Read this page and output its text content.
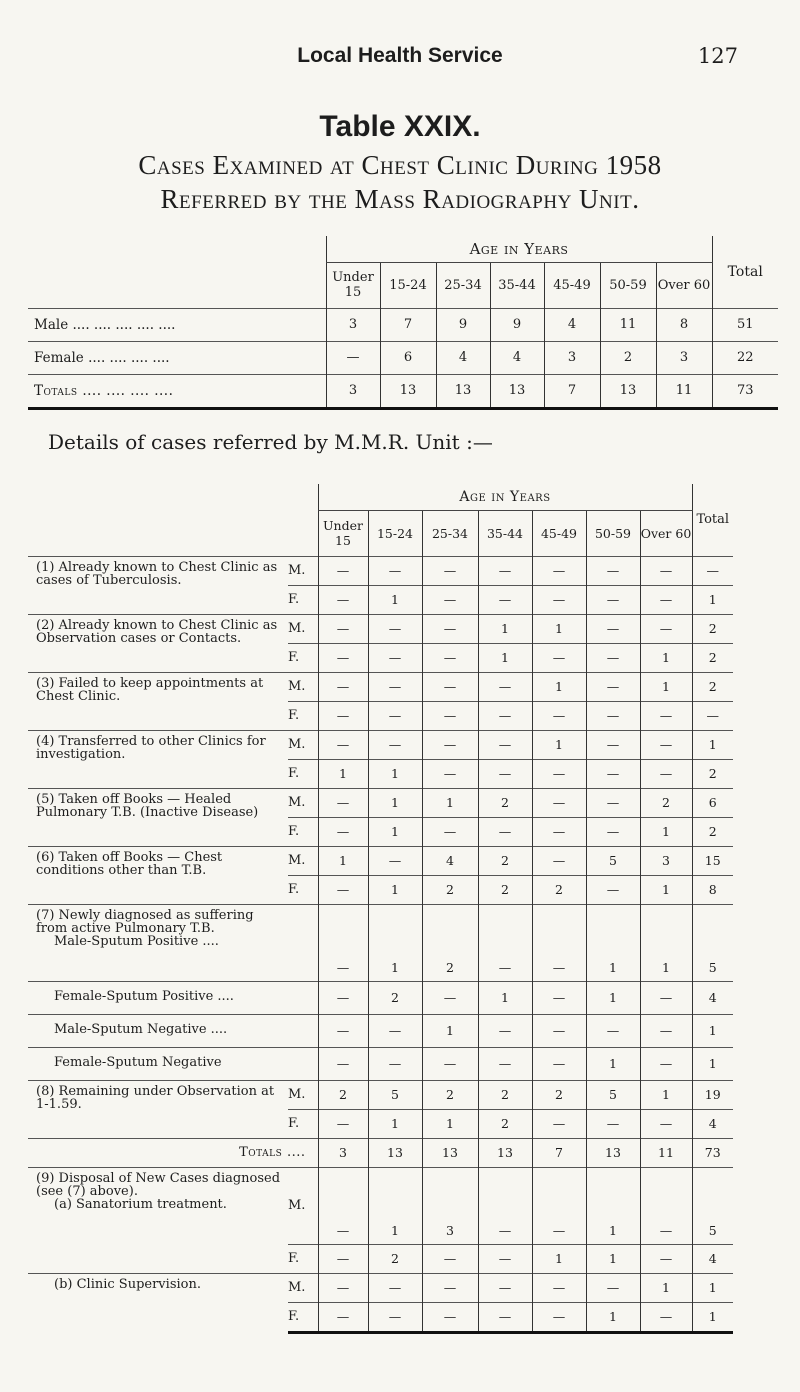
Local Health Service	127
Table XXIX.
Cases Examined at Chest Clinic During 1958
Referred by the Mass Radiography Unit.
	Age in Years							Total
	Under 15	15-24	25-34	35-44	45-49	50-59	Over 60	
Male .... .... .... .... ....	3	7	9	9	4	11	8	51
Female .... .... .... ....	—	6	4	4	3	2	3	22
Totals .... .... .... ....	3	13	13	13	7	13	11	73
Details of cases referred by M.M.R. Unit :—
		Age in Years							Total
		Under 15	15-24	25-34	35-44	45-49	50-59	Over 60	
(1) Already known to Chest Clinic as cases of Tuberculosis.	M.	—	—	—	—	—	—	—	—
	F.	—	1	—	—	—	—	—	1
(2) Already known to Chest Clinic as Observation cases or Contacts.	M.	—	—	—	1	1	—	—	2
	F.	—	—	—	1	—	—	1	2
(3) Failed to keep appointments at Chest Clinic.	M.	—	—	—	—	1	—	1	2
	F.	—	—	—	—	—	—	—	—
(4) Transferred to other Clinics for investigation.	M.	—	—	—	—	1	—	—	1
	F.	1	1	—	—	—	—	—	2
(5) Taken off Books — Healed Pulmonary T.B. (Inactive Disease)	M.	—	1	1	2	—	—	2	6
	F.	—	1	—	—	—	—	1	2
(6) Taken off Books — Chest conditions other than T.B.	M.	1	—	4	2	—	5	3	15
	F.	—	1	2	2	2	—	1	8

(7) Newly diagnosed as suffering from active Pulmonary T.B.
Male-Sputum Positive ....		—	1	2	—	—	1	1	5

Female-Sputum Positive ....		—	2	—	1	—	1	—	4

Male-Sputum Negative ....		—	—	1	—	—	—	—	1

Female-Sputum Negative		—	—	—	—	—	1	—	1
(8) Remaining under Observation at 1-1.59.	M.	2	5	2	2	2	5	1	19
	F.	—	1	1	2	—	—	—	4
Totals ....		3	13	13	13	7	13	11	73

(9) Disposal of New Cases diagnosed (see (7) above).
(a) Sanatorium treatment.	M.	—	1	3	—	—	1	—	5
	F.	—	2	—	—	1	1	—	4
(b) Clinic Supervision.	M.	—	—	—	—	—	—	1	1
	F.	—	—	—	—	—	1	—	1
